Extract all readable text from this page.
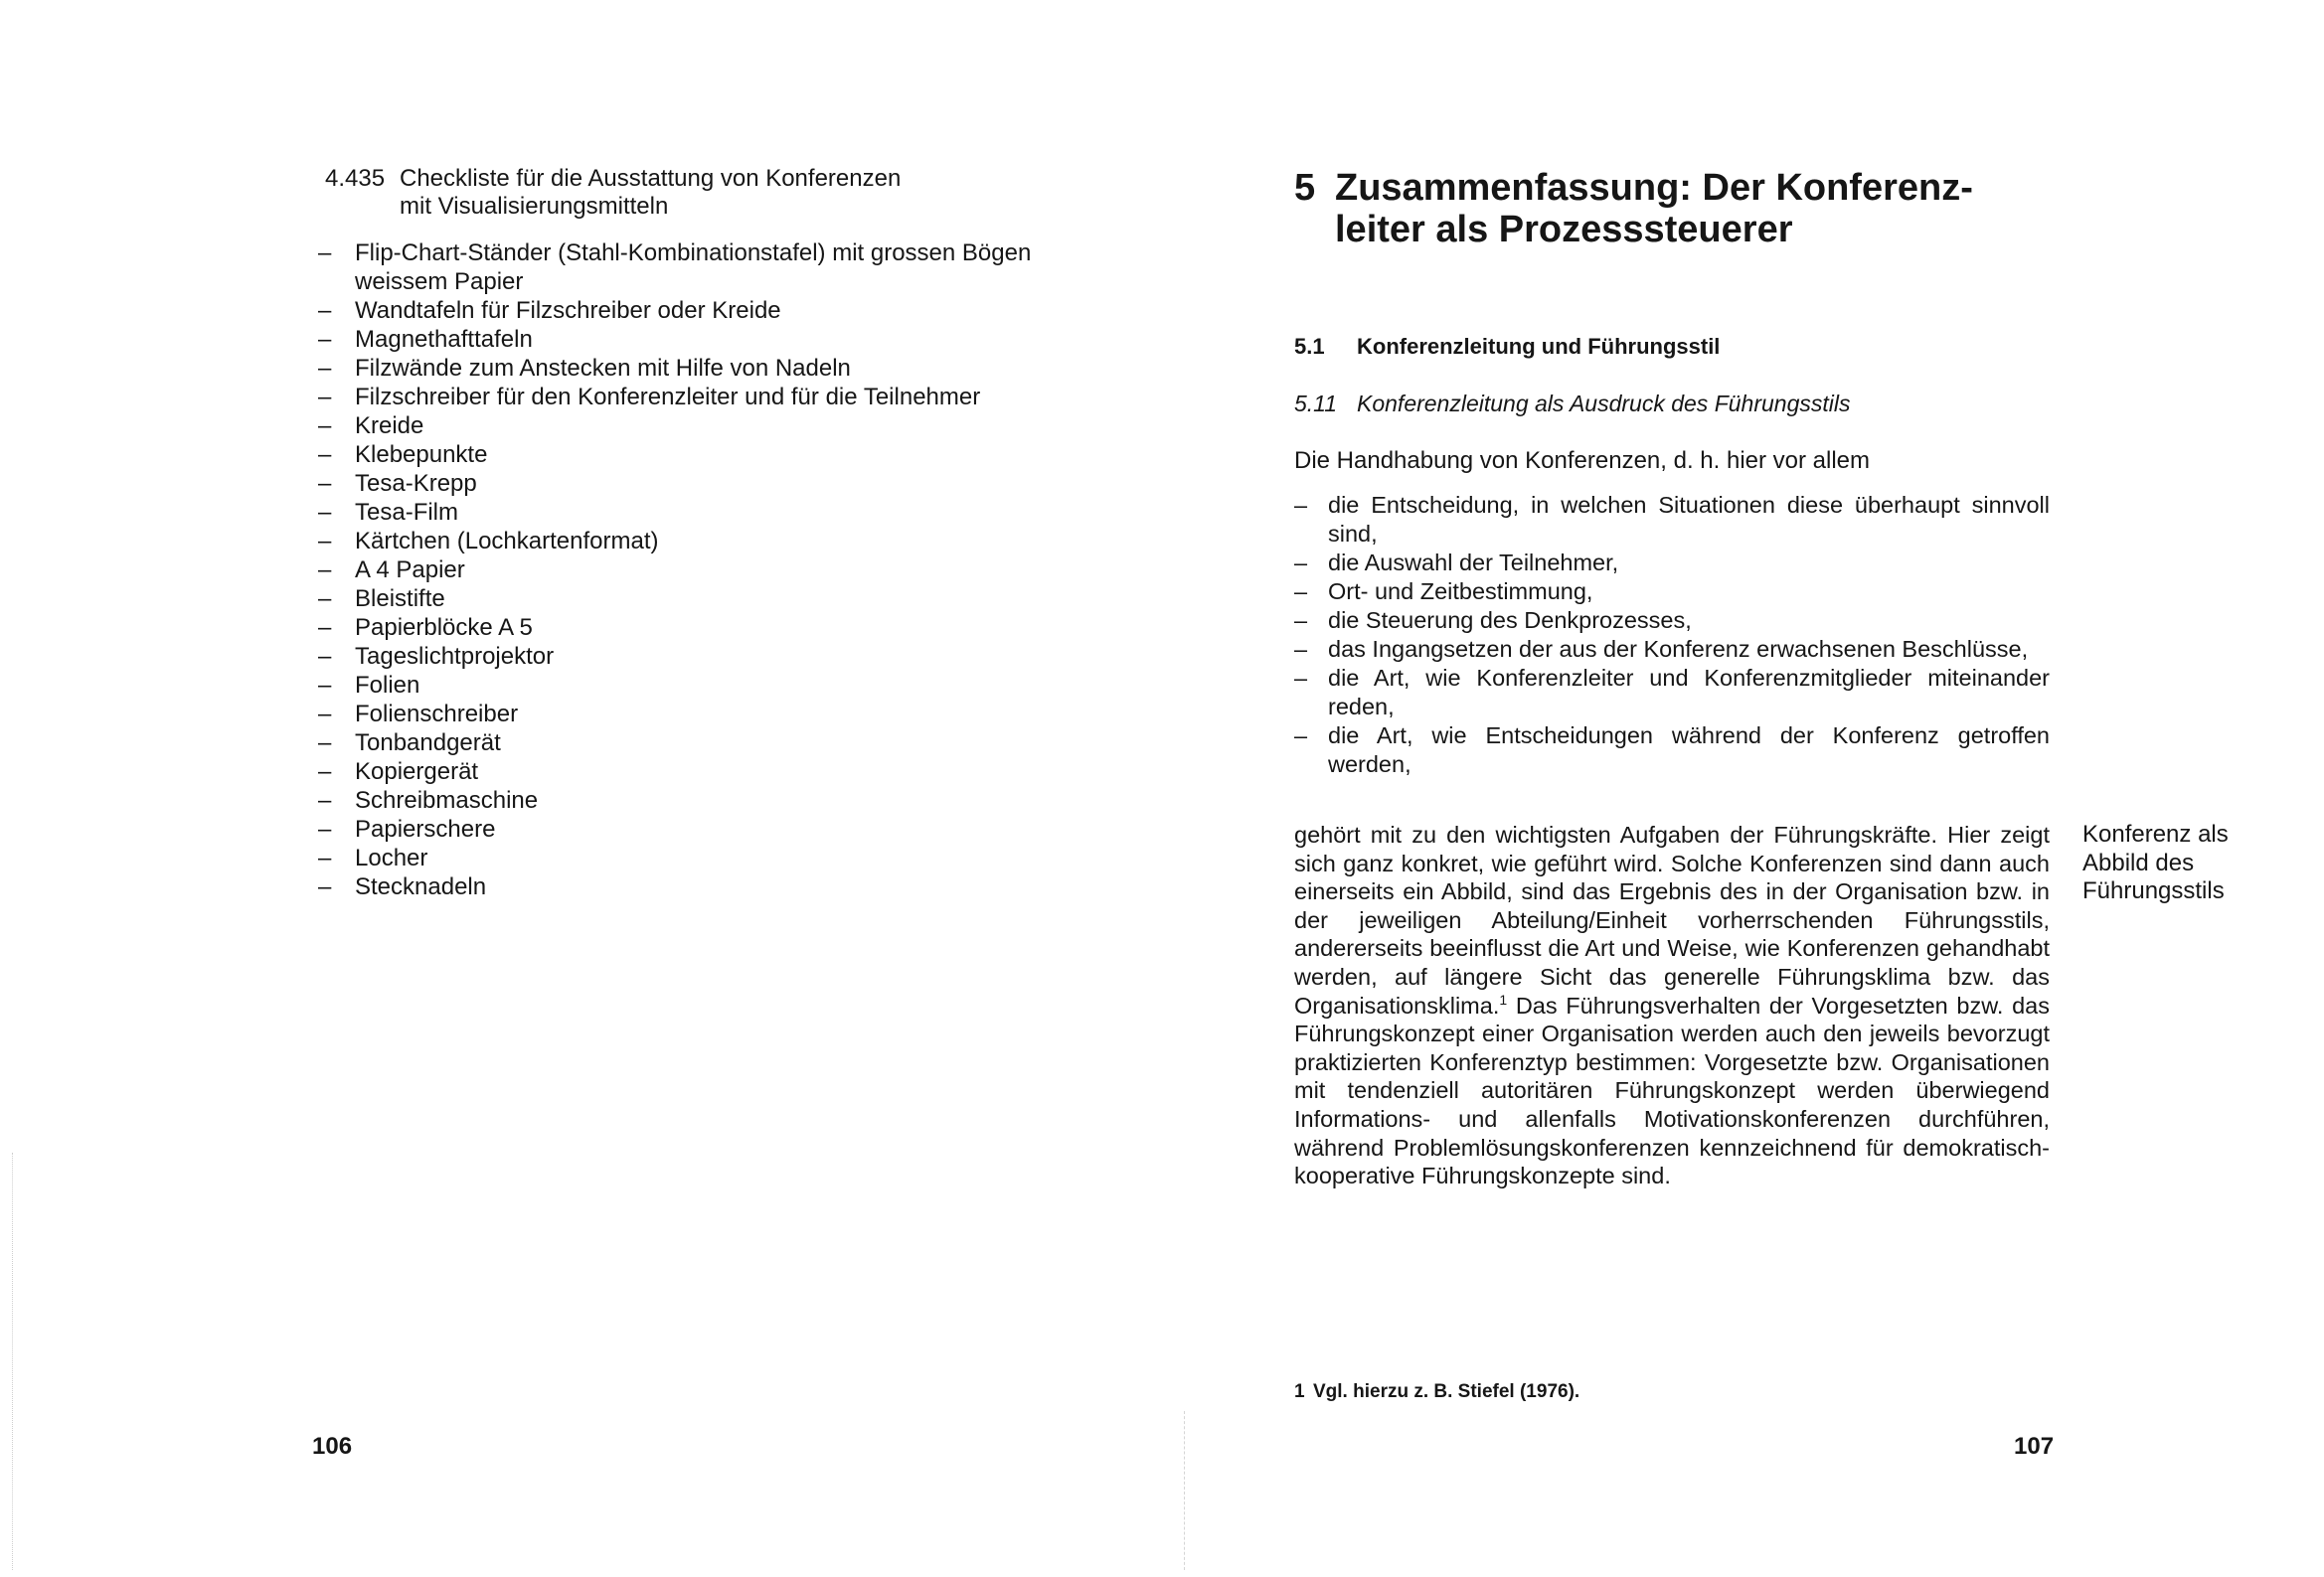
4.435 Checkliste für die Ausstattung von Konferenzen
mit Visualisierungsmitteln
– Flip-Chart-Ständer (Stahl-Kombinationstafel) mit grossen Bögen weissem Papier
– Wandtafeln für Filzschreiber oder Kreide
– Magnethafttafeln
– Filzwände zum Anstecken mit Hilfe von Nadeln
– Filzschreiber für den Konferenzleiter und für die Teilnehmer
– Kreide
– Klebepunkte
– Tesa-Krepp
– Tesa-Film
– Kärtchen (Lochkartenformat)
– A 4 Papier
– Bleistifte
– Papierblöcke A 5
– Tageslichtprojektor
– Folien
– Folienschreiber
– Tonbandgerät
– Kopiergerät
– Schreibmaschine
– Papierschere
– Locher
– Stecknadeln
106
5 Zusammenfassung: Der Konferenz-
leiter als Prozesssteuerer
5.1 Konferenzleitung und Führungsstil
5.11 Konferenzleitung als Ausdruck des Führungsstils
Die Handhabung von Konferenzen, d. h. hier vor allem
– die Entscheidung, in welchen Situationen diese überhaupt sinnvoll sind,
– die Auswahl der Teilnehmer,
– Ort- und Zeitbestimmung,
– die Steuerung des Denkprozesses,
– das Ingangsetzen der aus der Konferenz erwachsenen Beschlüsse,
– die Art, wie Konferenzleiter und Konferenzmitglieder miteinander reden,
– die Art, wie Entscheidungen während der Konferenz getroffen werden,
gehört mit zu den wichtigsten Aufgaben der Führungskräfte. Hier zeigt sich ganz konkret, wie geführt wird. Solche Konferenzen sind dann auch einerseits ein Abbild, sind das Ergebnis des in der Organisation bzw. in der jeweiligen Abteilung/Einheit vorherrschenden Führungsstils, andererseits beeinflusst die Art und Weise, wie Konferenzen gehandhabt werden, auf längere Sicht das generelle Führungsklima bzw. das Organisationsklima.$^1$ Das Führungsverhalten der Vorgesetzten bzw. das Führungskonzept einer Organisation werden auch den jeweils bevorzugt praktizierten Konferenztyp bestimmen: Vorgesetzte bzw. Organisationen mit tendenziell autoritären Führungskonzept werden überwiegend Informations- und allenfalls Motivationskonferenzen durchführen, während Problemlösungskonferenzen kennzeichnend für demokratisch-kooperative Führungskonzepte sind.
Konferenz als Abbild des Führungsstils
1 Vgl. hierzu z. B. Stiefel (1976).
107
